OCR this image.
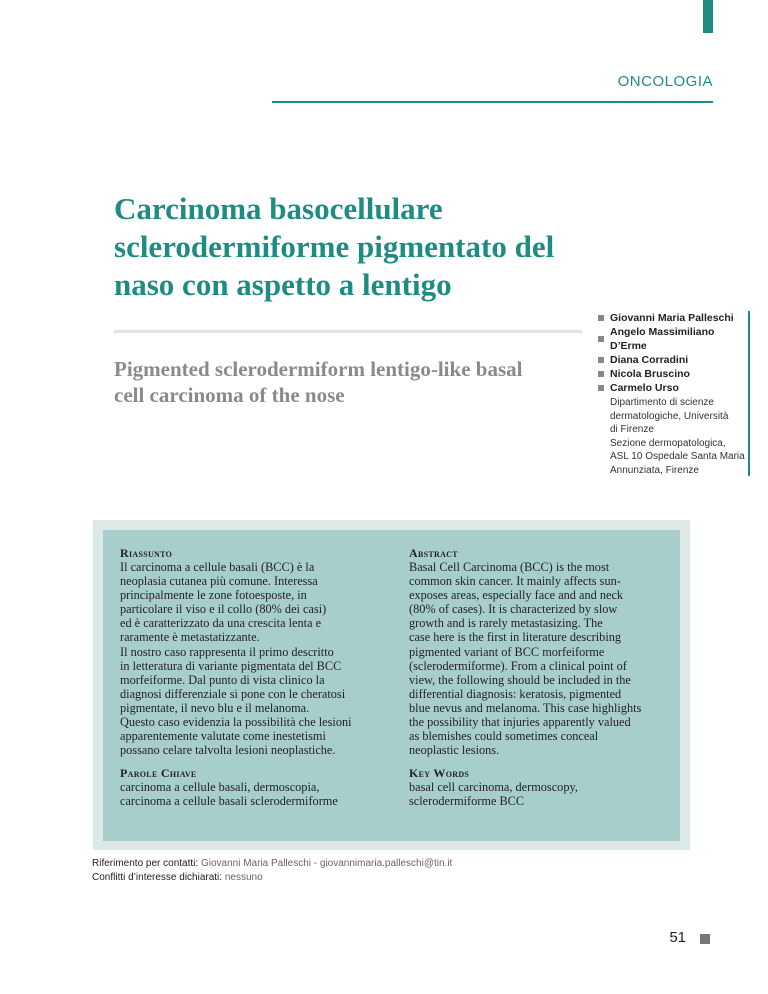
ONCOLOGIA
Carcinoma basocellulare sclerodermiforme pigmentato del naso con aspetto a lentigo
Pigmented sclerodermiform lentigo-like basal cell carcinoma of the nose
Giovanni Maria Palleschi
Angelo Massimiliano D’Erme
Diana Corradini
Nicola Bruscino
Carmelo Urso
Dipartimento di scienze
dermatologiche, Università
di Firenze
Sezione dermopatologica,
ASL 10 Ospedale Santa Maria
Annunziata, Firenze
Riassunto
Il carcinoma a cellule basali (BCC) è la
neoplasia cutanea più comune. Interessa
principalmente le zone fotoesposte, in
particolare il viso e il collo (80% dei casi)
ed è caratterizzato da una crescita lenta e
raramente è metastatizzante.
Il nostro caso rappresenta il primo descritto
in letteratura di variante pigmentata del BCC
morfeiforme. Dal punto di vista clinico la
diagnosi differenziale si pone con le cheratosi
pigmentate, il nevo blu e il melanoma.
Questo caso evidenzia la possibilità che lesioni
apparentemente valutate come inestetismi
possano celare talvolta lesioni neoplastiche.
Abstract
Basal Cell Carcinoma (BCC) is the most
common skin cancer. It mainly affects sun-
exposes areas, especially face and and neck
(80% of cases). It is characterized by slow
growth and is rarely metastasizing. The
case here is the first in literature describing
pigmented variant of BCC morfeiforme
(sclerodermiforme). From a clinical point of
view, the following should be included in the
differential diagnosis: keratosis, pigmented
blue nevus and melanoma. This case highlights
the possibility that injuries apparently valued
as blemishes could sometimes conceal
neoplastic lesions.
Parole Chiave
carcinoma a cellule basali, dermoscopia,
carcinoma a cellule basali sclerodermiforme
Key Words
basal cell carcinoma, dermoscopy,
sclerodermiforme BCC
Riferimento per contatti: Giovanni Maria Palleschi - giovannimaria.palleschi@tin.it
Conflitti d’interesse dichiarati: nessuno
51
